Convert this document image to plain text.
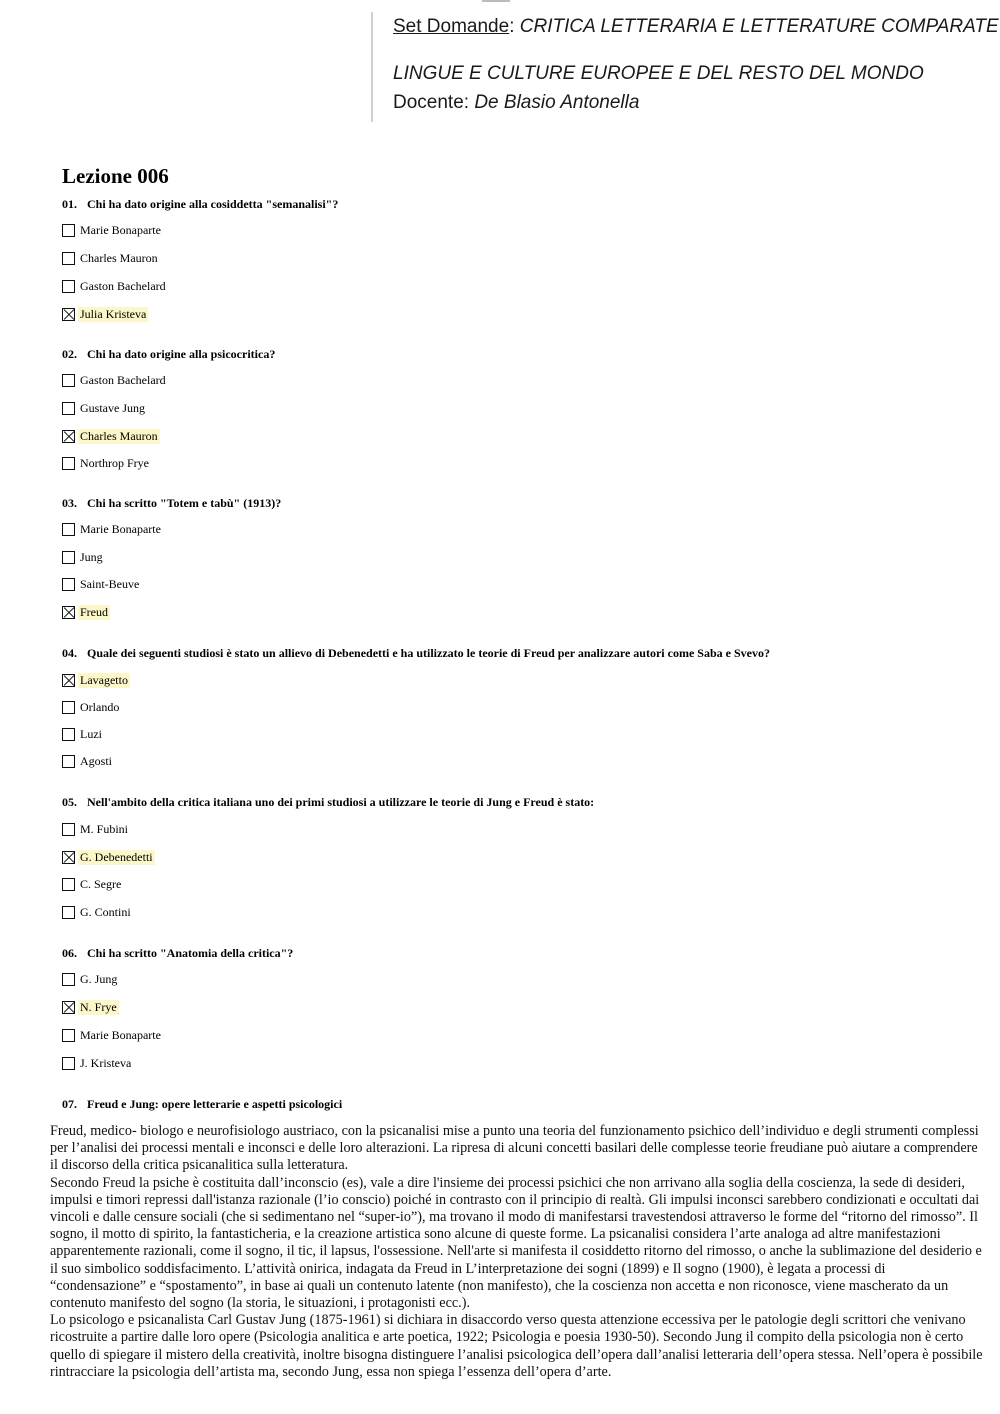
Set Domande: CRITICA LETTERARIA E LETTERATURE COMPARATE
LINGUE E CULTURE EUROPEE E DEL RESTO DEL MONDO
Docente: De Blasio Antonella
Lezione 006
01. Chi ha dato origine alla cosiddetta "semanalisi"?
Marie Bonaparte
Charles Mauron
Gaston Bachelard
Julia Kristeva
02. Chi ha dato origine alla psicocritica?
Gaston Bachelard
Gustave Jung
Charles Mauron
Northrop Frye
03. Chi ha scritto "Totem e tabù" (1913)?
Marie Bonaparte
Jung
Saint-Beuve
Freud
04. Quale dei seguenti studiosi è stato un allievo di Debenedetti e ha utilizzato le teorie di Freud per analizzare autori come Saba e Svevo?
Lavagetto
Orlando
Luzi
Agosti
05. Nell'ambito della critica italiana uno dei primi studiosi a utilizzare le teorie di Jung e Freud è stato:
M. Fubini
G. Debenedetti
C. Segre
G. Contini
06. Chi ha scritto "Anatomia della critica"?
G. Jung
N. Frye
Marie Bonaparte
J. Kristeva
07. Freud e Jung: opere letterarie e aspetti psicologici

Freud, medico- biologo e neurofisiologo austriaco, con la psicanalisi mise a punto una teoria del funzionamento psichico dell’individuo e degli strumenti complessi per l’analisi dei processi mentali e inconsci e delle loro alterazioni. La ripresa di alcuni concetti basilari delle complesse teorie freudiane può aiutare a comprendere il discorso della critica psicanalitica sulla letteratura.

Secondo Freud la psiche è costituita dall’inconscio (es), vale a dire l'insieme dei processi psichici che non arrivano alla soglia della coscienza, la sede di desideri, impulsi e timori repressi dall'istanza razionale (l’io conscio) poiché in contrasto con il principio di realtà. Gli impulsi inconsci sarebbero condizionati e occultati dai vincoli e dalle censure sociali (che si sedimentano nel “super-io”), ma trovano il modo di manifestarsi travestendosi attraverso le forme del “ritorno del rimosso”. Il sogno, il motto di spirito, la fantasticheria, e la creazione artistica sono alcune di queste forme. La psicanalisi considera l’arte analoga ad altre manifestazioni apparentemente razionali, come il sogno, il tic, il lapsus, l'ossessione. Nell'arte si manifesta il cosiddetto ritorno del rimosso, o anche la sublimazione del desiderio e il suo simbolico soddisfacimento. L’attività onirica, indagata da Freud in L’interpretazione dei sogni (1899) e Il sogno (1900), è legata a processi di “condensazione” e “spostamento”, in base ai quali un contenuto latente (non manifesto), che la coscienza non accetta e non riconosce, viene mascherato da un contenuto manifesto del sogno (la storia, le situazioni, i protagonisti ecc.).

Lo psicologo e psicanalista Carl Gustav Jung (1875-1961) si dichiara in disaccordo verso questa attenzione eccessiva per le patologie degli scrittori che venivano ricostruite a partire dalle loro opere (Psicologia analitica e arte poetica, 1922; Psicologia e poesia 1930-50). Secondo Jung il compito della psicologia non è certo quello di spiegare il mistero della creatività, inoltre bisogna distinguere l’analisi psicologica dell’opera dall’analisi letteraria dell’opera stessa. Nell’opera è possibile rintracciare la psicologia dell’artista ma, secondo Jung, essa non spiega l’essenza dell’opera d’arte.
